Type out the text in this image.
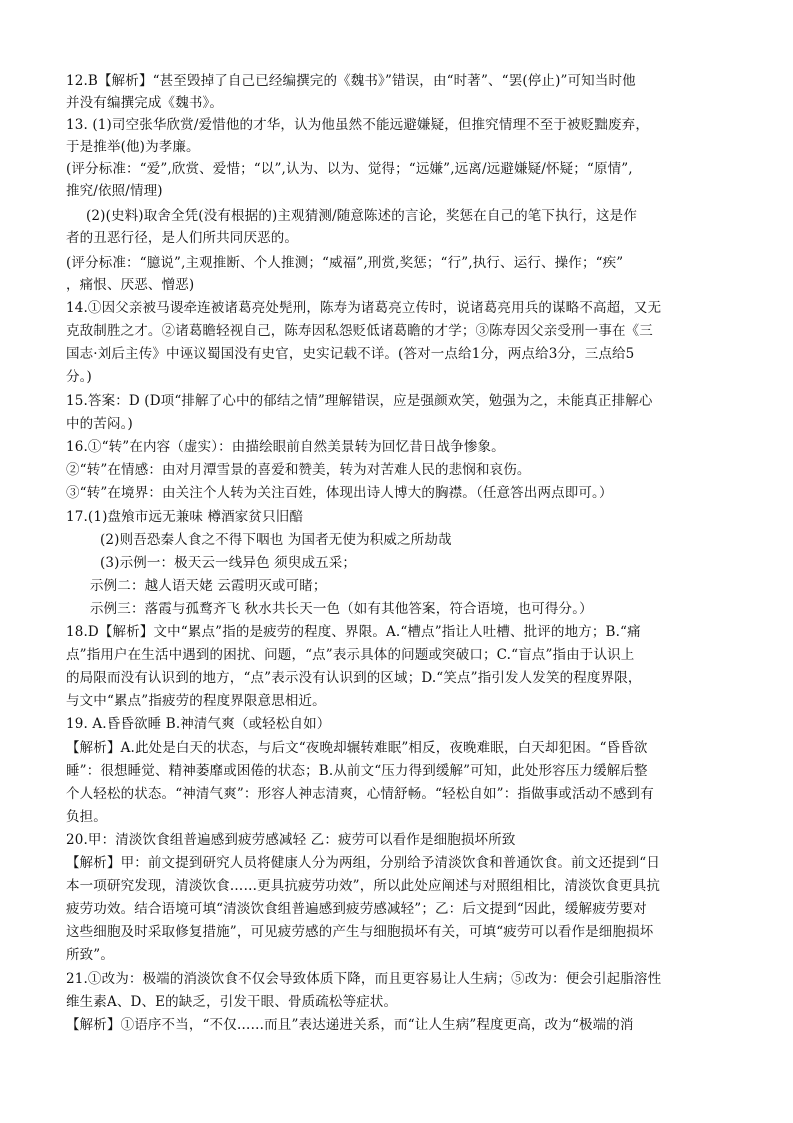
12.B【解析】“甚至毁掉了自己已经编撰完的《魏书》”错误，由“时著”、“罢(停止)”可知当时他
并没有编撰完成《魏书》。
13. (1)司空张华欣赏/爱惜他的才华，认为他虽然不能远避嫌疑，但推究情理不至于被贬黜废弃，
于是推举(他)为孝廉。
(评分标准：“爱”,欣赏、爱惜；“以”,认为、以为、觉得；“远嫌”,远离/远避嫌疑/怀疑；“原情”,
推究/依照/情理)
(2)(史料)取舍全凭(没有根据的)主观猜测/随意陈述的言论，奖惩在自己的笔下执行，这是作
者的丑恶行径，是人们所共同厌恶的。
(评分标准：“臆说”,主观推断、个人推测；“威福”,刑赏,奖惩；“行”,执行、运行、操作；“疾”
，痛恨、厌恶、憎恶)
14.①因父亲被马谡牵连被诸葛亮处髡刑，陈寿为诸葛亮立传时，说诸葛亮用兵的谋略不高超，又无
克敌制胜之才。②诸葛瞻轻视自己，陈寿因私怨贬低诸葛瞻的才学；③陈寿因父亲受刑一事在《三
国志·刘后主传》中诬议蜀国没有史官，史实记载不详。(答对一点给1分，两点给3分，三点给5
分。)
15.答案：D (D项“排解了心中的郁结之情”理解错误，应是强颜欢笑，勉强为之，未能真正排解心
中的苦闷。)
16.①“转”在内容（虚实）：由描绘眼前自然美景转为回忆昔日战争惨象。
②“转”在情感：由对月潭雪景的喜爱和赞美，转为对苦难人民的悲悯和哀伤。
③“转”在境界：由关注个人转为关注百姓，体现出诗人博大的胸襟。（任意答出两点即可。）
17.(1)盘飧市远无兼味 樽酒家贫只旧醅
(2)则吾恐秦人食之不得下咽也 为国者无使为积威之所劫哉
(3)示例一：极天云一线异色 须臾成五采；
示例二：越人语天姥 云霞明灭或可睹；
示例三：落霞与孤鹜齐飞 秋水共长天一色（如有其他答案，符合语境，也可得分。）
18.D【解析】文中“累点”指的是疲劳的程度、界限。A.“槽点”指让人吐槽、批评的地方；B.“痛
点”指用户在生活中遇到的困扰、问题，“点”表示具体的问题或突破口；C.“盲点”指由于认识上
的局限而没有认识到的地方，“点”表示没有认识到的区域；D.“笑点”指引发人发笑的程度界限，
与文中“累点”指疲劳的程度界限意思相近。
19. A.昏昏欲睡 B.神清气爽（或轻松自如）
【解析】A.此处是白天的状态，与后文“夜晚却辗转难眠”相反，夜晚难眠，白天却犯困。“昏昏欲
睡”：很想睡觉、精神萎靡或困倦的状态；B.从前文“压力得到缓解”可知，此处形容压力缓解后整
个人轻松的状态。“神清气爽”：形容人神志清爽，心情舒畅。“轻松自如”：指做事或活动不感到有
负担。
20.甲：清淡饮食组普遍感到疲劳感减轻 乙：疲劳可以看作是细胞损坏所致
【解析】甲：前文提到研究人员将健康人分为两组，分别给予清淡饮食和普通饮食。前文还提到“日
本一项研究发现，清淡饮食……更具抗疲劳功效”，所以此处应阐述与对照组相比，清淡饮食更具抗
疲劳功效。结合语境可填“清淡饮食组普遍感到疲劳感减轻”；乙：后文提到“因此，缓解疲劳要对
这些细胞及时采取修复措施”，可见疲劳感的产生与细胞损坏有关，可填“疲劳可以看作是细胞损坏
所致”。
21.①改为：极端的消淡饮食不仅会导致体质下降，而且更容易让人生病；⑤改为：便会引起脂溶性
维生素A、D、E的缺乏，引发干眼、骨质疏松等症状。
【解析】①语序不当，“不仅……而且”表达递进关系，而“让人生病”程度更高，改为“极端的消
